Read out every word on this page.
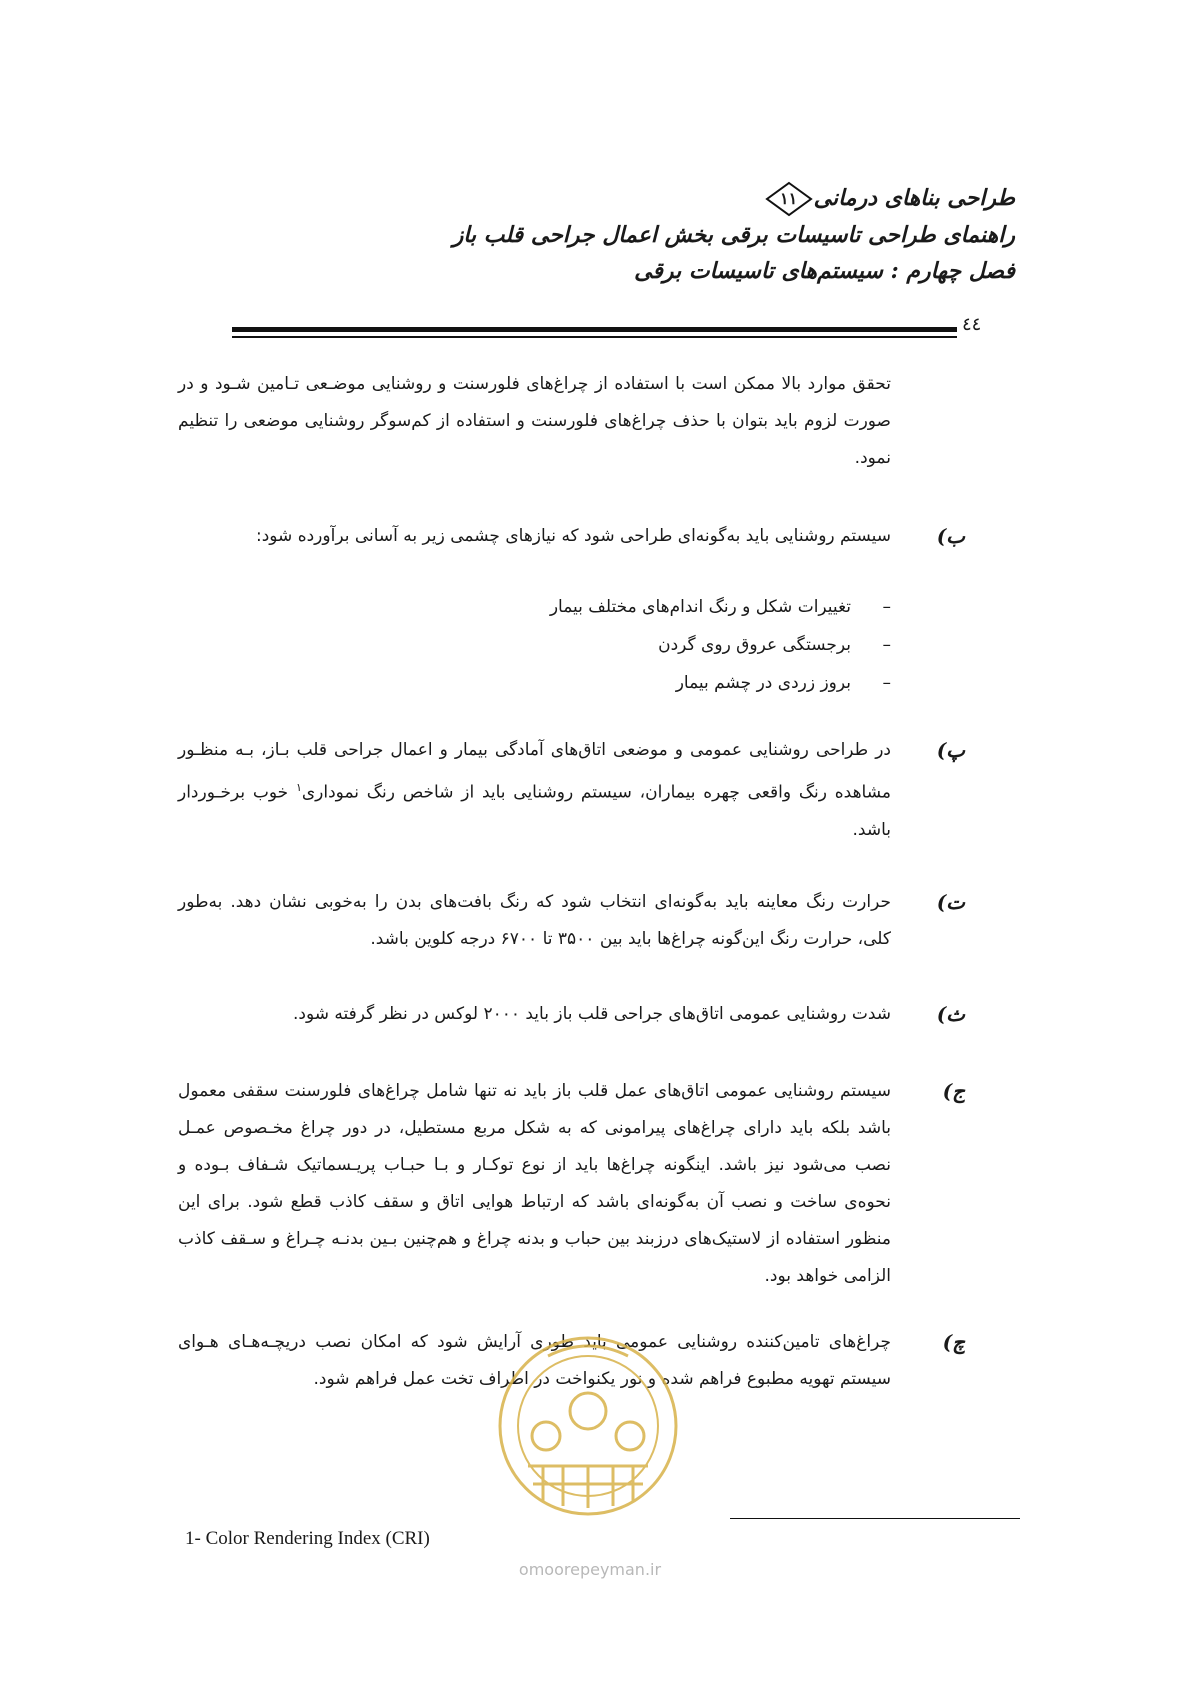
طراحی بناهای درمانی
۱۱
راهنمای طراحی تاسیسات برقی بخش اعمال جراحی قلب باز
فصل چهارم : سیستم‌های تاسیسات برقی
٤٤
تحقق موارد بالا ممکن است با استفاده از چراغ‌های فلورسنت و روشنایی موضـعی تـامین شـود و در صورت لزوم باید بتوان با حذف چراغ‌های فلورسنت و استفاده از کم‌سوگر روشنایی موضعی را تنظیم نمود.
ب)
سیستم روشنایی باید به‌گونه‌ای طراحی شود که نیازهای چشمی زیر به آسانی برآورده شود:
–تغییرات شکل و رنگ اندام‌های مختلف بیمار
–برجستگی عروق روی گردن
–بروز زردی در چشم بیمار
پ)
در طراحی روشنایی عمومی و موضعی اتاق‌های آمادگی بیمار و اعمال جراحی قلب بـاز، بـه منظـور مشاهده رنگ واقعی چهره بیماران، سیستم روشنایی باید از شاخص رنگ نموداری$^۱$ خوب برخـوردار باشد.
ت)
حرارت رنگ معاینه باید به‌گونه‌ای انتخاب شود که رنگ بافت‌های بدن را به‌خوبی نشان دهد. به‌طور کلی، حرارت رنگ این‌گونه چراغ‌ها باید بین ۳۵۰۰ تا ۶۷۰۰ درجه کلوین باشد.
ث)
شدت روشنایی عمومی اتاق‌های جراحی قلب باز باید ۲۰۰۰ لوکس در نظر گرفته شود.
ج)
سیستم روشنایی عمومی اتاق‌های عمل قلب باز باید نه تنها شامل چراغ‌های فلورسنت سقفی معمول باشد بلکه باید دارای چراغ‌های پیرامونی که به شکل مربع مستطیل، در دور چراغ مخـصوص عمـل نصب می‌شود نیز باشد. اینگونه چراغ‌ها باید از نوع توکـار و بـا حبـاب پریـسماتیک شـفاف بـوده و نحوه‌ی ساخت و نصب آن به‌گونه‌ای باشد که ارتباط هوایی اتاق و سقف کاذب قطع شود. برای این منظور استفاده از لاستیک‌های درزبند بین حباب و بدنه چراغ و هم‌چنین بـین بدنـه چـراغ و سـقف کاذب الزامی خواهد بود.
چ)
چراغ‌های تامین‌کننده روشنایی عمومی باید طوری آرایش شود که امکان نصب دریچـه‌هـای هـوای سیستم تهویه مطبوع فراهم شده و نور یکنواخت در اطراف تخت عمل فراهم شود.
omoorepeyman.ir
1- Color Rendering Index (CRI)
